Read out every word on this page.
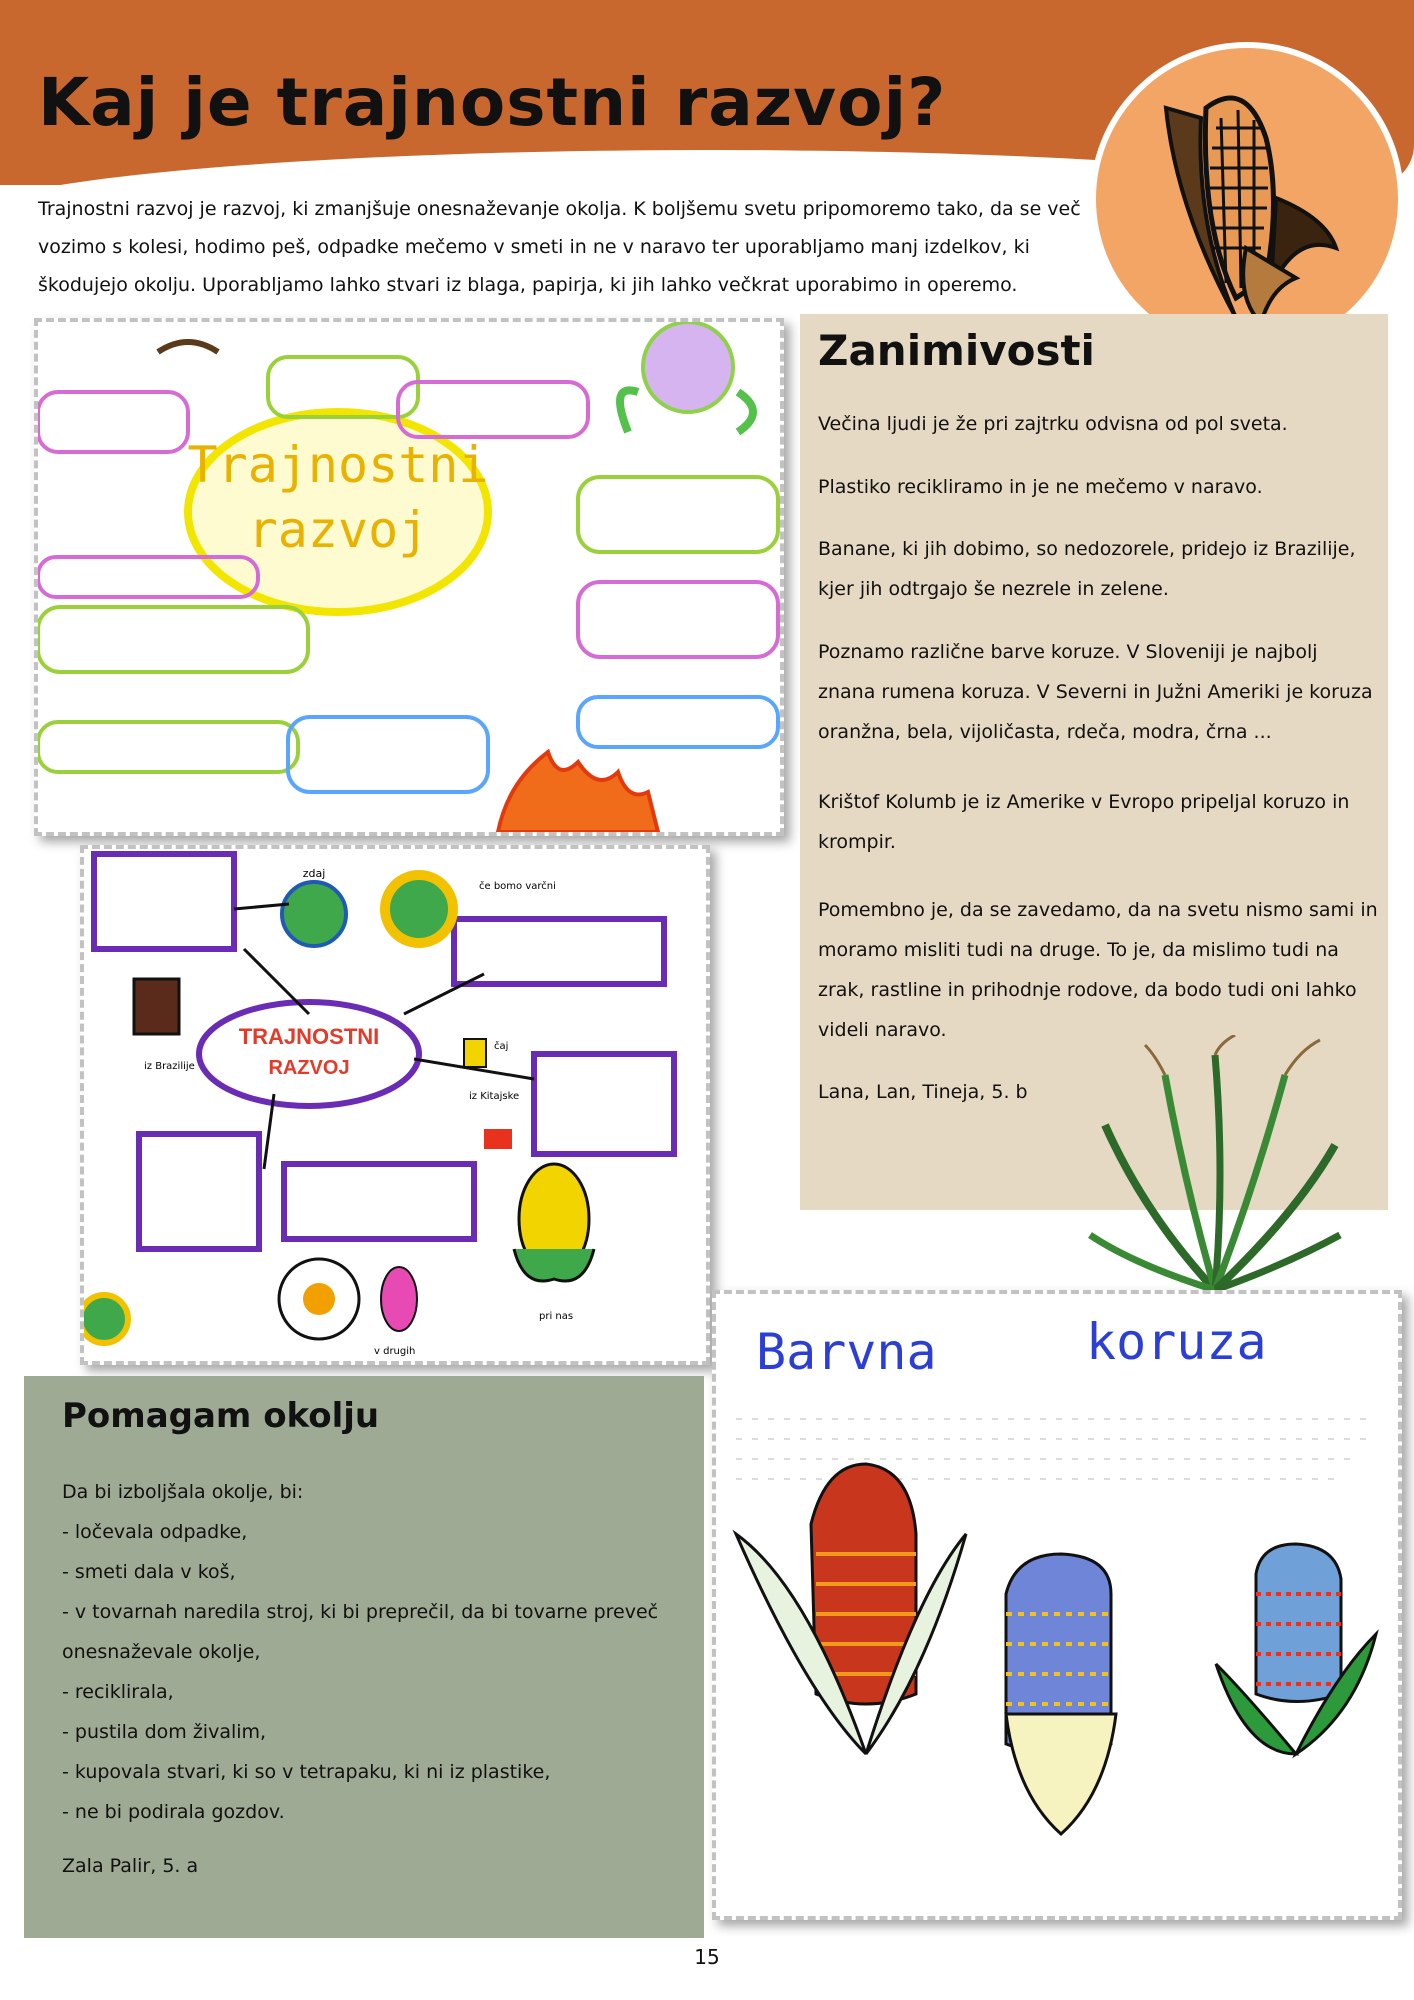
Kaj je trajnostni razvoj?

Trajnostni razvoj je razvoj, ki zmanjšuje onesnaževanje okolja. K boljšemu svetu pripomoremo tako, da se več vozimo s kolesi, hodimo peš, odpadke mečemo v smeti in ne v naravo ter uporabljamo manj izdelkov, ki škodujejo okolju. Uporabljamo lahko stvari iz blaga, papirja, ki jih lahko večkrat uporabimo in operemo.

Trajnostni
razvoj
TRAJNOSTNI
RAZVOJ
zdaj
če bomo varčni
iz Brazilije
čaj
iz Kitajske
pri nas
v drugih
Zanimivosti

Večina ljudi je že pri zajtrku odvisna od pol sveta.

Plastiko recikliramo in je ne mečemo v naravo.

Banane, ki jih dobimo, so nedozorele, pridejo iz Brazilije, kjer jih odtrgajo še nezrele in zelene.

Poznamo različne barve koruze. V Sloveniji je najbolj znana rumena koruza. V Severni in Južni Ameriki je koruza oranžna, bela, vijoličasta, rdeča, modra, črna ...

Krištof Kolumb je iz Amerike v Evropo pripeljal koruzo in krompir.

Pomembno je, da se zavedamo, da na svetu nismo sami in moramo misliti tudi na druge. To je, da mislimo tudi na zrak, rastline in prihodnje rodove, da bodo tudi oni lahko videli naravo.

Lana, Lan, Tineja, 5. b

Barvna	koruza
Pomagam okolju
Da bi izboljšala okolje, bi:
- ločevala odpadke,
- smeti dala v koš,
- v tovarnah naredila stroj, ki bi preprečil, da bi tovarne preveč
onesnaževale okolje,
- reciklirala,
- pustila dom živalim,
- kupovala stvari, ki so v tetrapaku, ki ni iz plastike,
- ne bi podirala gozdov.
Zala Palir, 5. a
15
